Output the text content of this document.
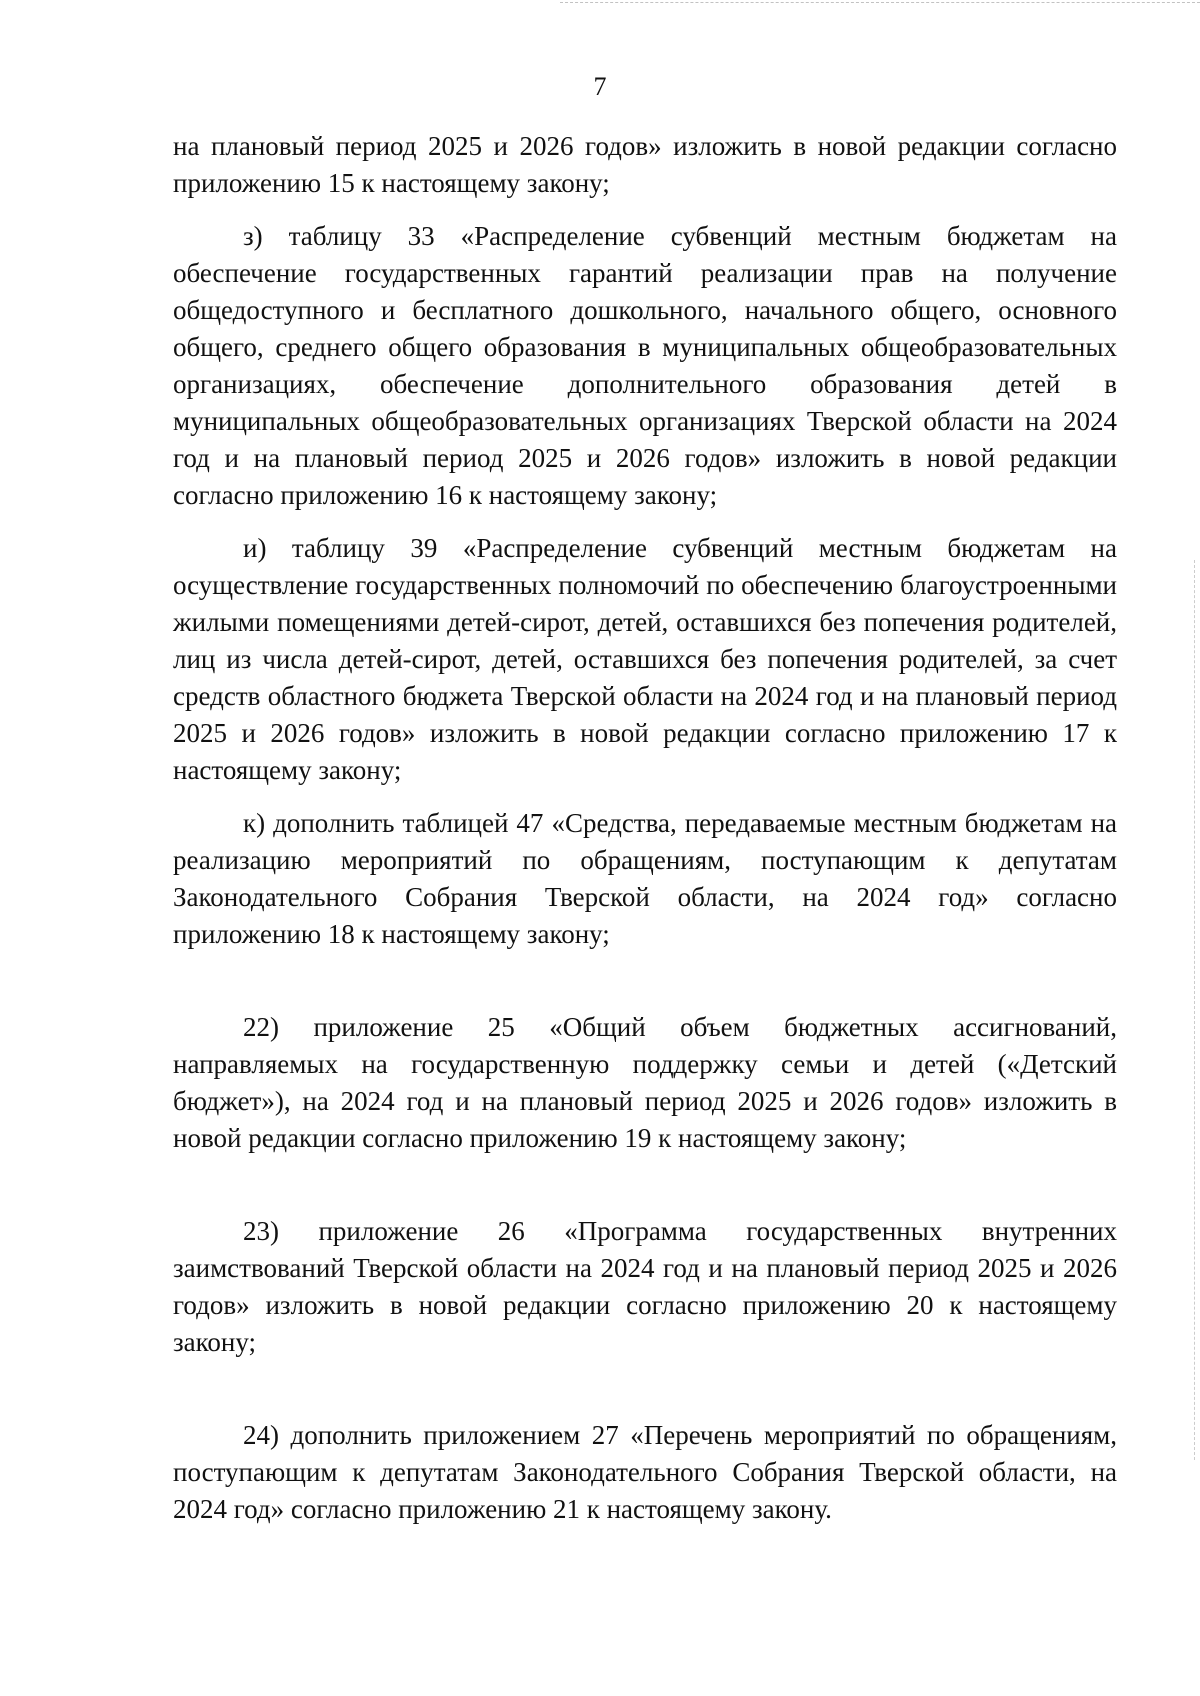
7

на плановый период 2025 и 2026 годов» изложить в новой редакции согласно приложению 15 к настоящему закону;

з) таблицу 33 «Распределение субвенций местным бюджетам на обеспечение государственных гарантий реализации прав на получение общедоступного и бесплатного дошкольного, начального общего, основного общего, среднего общего образования в муниципальных общеобразовательных организациях, обеспечение дополнительного образования детей в муниципальных общеобразовательных организациях Тверской области на 2024 год и на плановый период 2025 и 2026 годов» изложить в новой редакции согласно приложению 16 к настоящему закону;

и) таблицу 39 «Распределение субвенций местным бюджетам на осуществление государственных полномочий по обеспечению благоустроенными жилыми помещениями детей-сирот, детей, оставшихся без попечения родителей, лиц из числа детей-сирот, детей, оставшихся без попечения родителей, за счет средств областного бюджета Тверской области на 2024 год и на плановый период 2025 и 2026 годов» изложить в новой редакции согласно приложению 17 к настоящему закону;

к) дополнить таблицей 47 «Средства, передаваемые местным бюджетам на реализацию мероприятий по обращениям, поступающим к депутатам Законодательного Собрания Тверской области, на 2024 год» согласно приложению 18 к настоящему закону;

22) приложение 25 «Общий объем бюджетных ассигнований, направляемых на государственную поддержку семьи и детей («Детский бюджет»), на 2024 год и на плановый период 2025 и 2026 годов» изложить в новой редакции согласно приложению 19 к настоящему закону;

23) приложение 26 «Программа государственных внутренних заимствований Тверской области на 2024 год и на плановый период 2025 и 2026 годов» изложить в новой редакции согласно приложению 20 к настоящему закону;

24) дополнить приложением 27 «Перечень мероприятий по обращениям, поступающим к депутатам Законодательного Собрания Тверской области, на 2024 год» согласно приложению 21 к настоящему закону.
